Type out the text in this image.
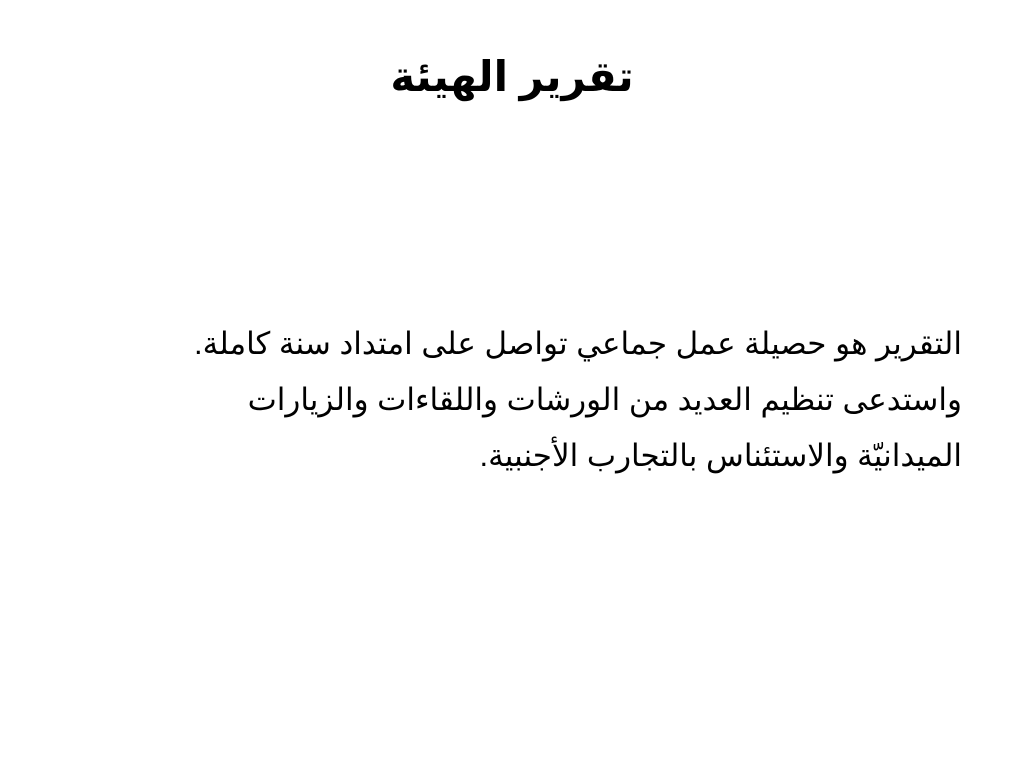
تقرير الهيئة

التقرير هو حصيلة عمل جماعي تواصل على امتداد سنة كاملة.
واستدعى تنظيم العديد من الورشات واللقاءات والزيارات
الميدانيّة والاستئناس بالتجارب الأجنبية.
